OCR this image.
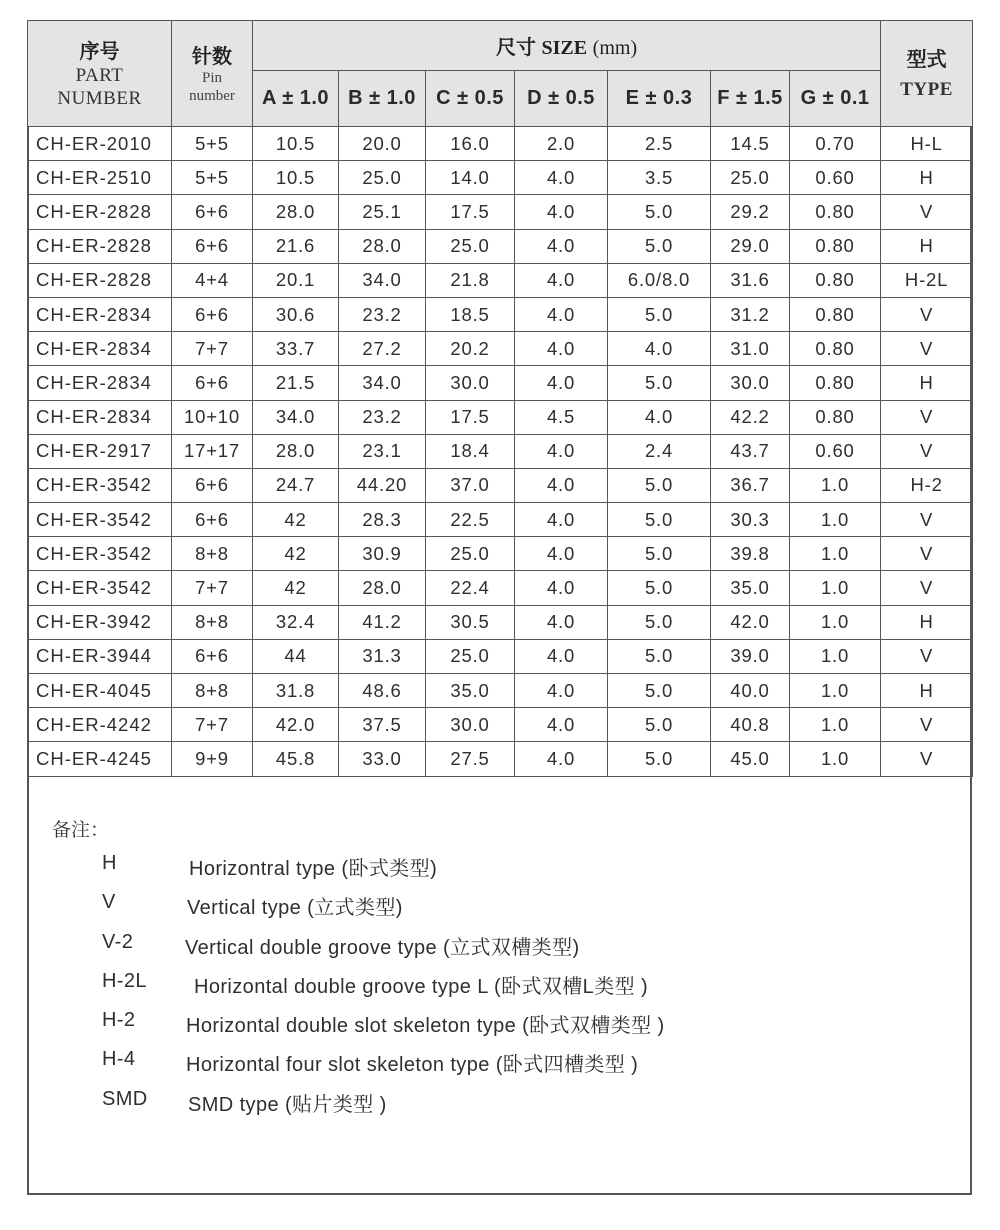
序号
PART
NUMBER	针数
Pin
number	尺寸 SIZE (mm)							型式
TYPE

		A ± 1.0	B ± 1.0	C ± 0.5	D ± 0.5	E ± 0.3	F ± 1.5	G ± 0.1	
CH-ER-2010	5+5	10.5	20.0	16.0	2.0	2.5	14.5	0.70	H-L
CH-ER-2510	5+5	10.5	25.0	14.0	4.0	3.5	25.0	0.60	H
CH-ER-2828	6+6	28.0	25.1	17.5	4.0	5.0	29.2	0.80	V
CH-ER-2828	6+6	21.6	28.0	25.0	4.0	5.0	29.0	0.80	H
CH-ER-2828	4+4	20.1	34.0	21.8	4.0	6.0/8.0	31.6	0.80	H-2L
CH-ER-2834	6+6	30.6	23.2	18.5	4.0	5.0	31.2	0.80	V
CH-ER-2834	7+7	33.7	27.2	20.2	4.0	4.0	31.0	0.80	V
CH-ER-2834	6+6	21.5	34.0	30.0	4.0	5.0	30.0	0.80	H
CH-ER-2834	10+10	34.0	23.2	17.5	4.5	4.0	42.2	0.80	V
CH-ER-2917	17+17	28.0	23.1	18.4	4.0	2.4	43.7	0.60	V
CH-ER-3542	6+6	24.7	44.20	37.0	4.0	5.0	36.7	1.0	H-2
CH-ER-3542	6+6	42	28.3	22.5	4.0	5.0	30.3	1.0	V
CH-ER-3542	8+8	42	30.9	25.0	4.0	5.0	39.8	1.0	V
CH-ER-3542	7+7	42	28.0	22.4	4.0	5.0	35.0	1.0	V
CH-ER-3942	8+8	32.4	41.2	30.5	4.0	5.0	42.0	1.0	H
CH-ER-3944	6+6	44	31.3	25.0	4.0	5.0	39.0	1.0	V
CH-ER-4045	8+8	31.8	48.6	35.0	4.0	5.0	40.0	1.0	H
CH-ER-4242	7+7	42.0	37.5	30.0	4.0	5.0	40.8	1.0	V
CH-ER-4245	9+9	45.8	33.0	27.5	4.0	5.0	45.0	1.0	V
备注：
H	Horizontral type (卧式类型)
V	Vertical type (立式类型)
V-2	Vertical double groove type (立式双槽类型)
H-2L Horizontal double groove type L (卧式双槽L类型 )
H-2	Horizontal double slot skeleton type (卧式双槽类型 )
H-4	Horizontal four slot skeleton type (卧式四槽类型 )
SMD SMD type (贴片类型 )
